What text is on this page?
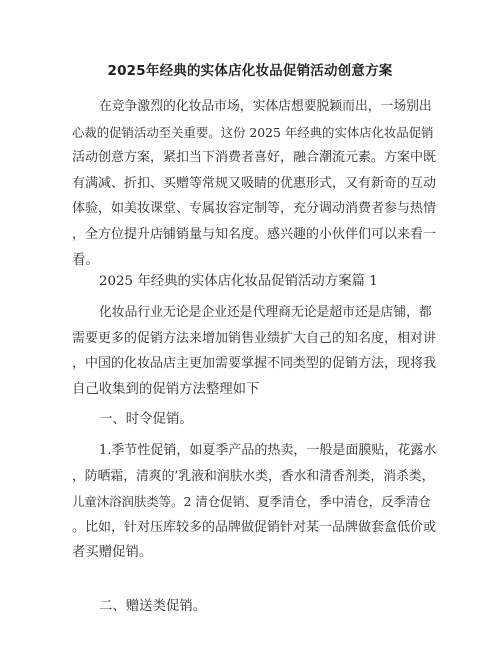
2025年经典的实体店化妆品促销活动创意方案
在竞争激烈的化妆品市场，实体店想要脱颖而出，一场别出
心裁的促销活动至关重要。这份 2025 年经典的实体店化妆品促销
活动创意方案，紧扣当下消费者喜好，融合潮流元素。方案中既
有满减、折扣、买赠等常规又吸睛的优惠形式，又有新奇的互动
体验，如美妆课堂、专属妆容定制等，充分调动消费者参与热情
，全方位提升店铺销量与知名度。感兴趣的小伙伴们可以来看一
看。
2025 年经典的实体店化妆品促销活动方案篇 1
化妆品行业无论是企业还是代理商无论是超市还是店铺，都
需要更多的促销方法来增加销售业绩扩大自己的知名度，相对讲
，中国的化妆品店主更加需要掌握不同类型的促销方法，现将我
自己收集到的促销方法整理如下
一、时令促销。
1.季节性促销，如夏季产品的热卖，一般是面膜贴，花露水
，防晒霜，清爽的’乳液和润肤水类，香水和清香剂类，消杀类，
儿童沐浴润肤类等。2 清仓促销、夏季清仓，季中清仓，反季清仓
。比如，针对压库较多的品牌做促销针对某一品牌做套盒低价或
者买赠促销。
二、赠送类促销。
